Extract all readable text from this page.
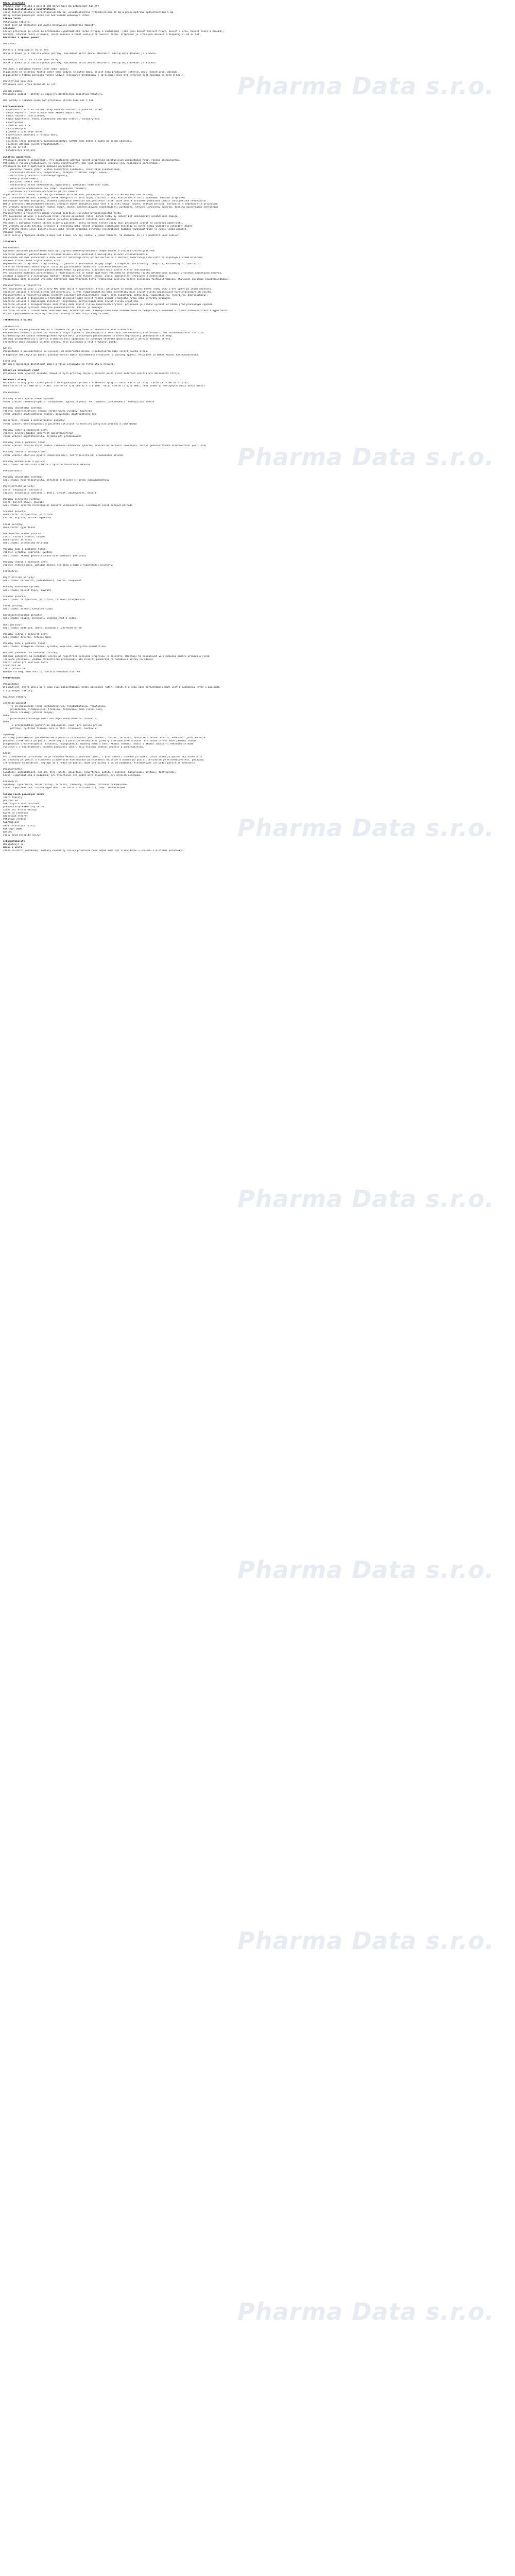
Název přípravku
PARALEN GRIP chřipka a bolest 500 mg/25 mg/5 mg potahované tablety
Složení kvalitativní i kvantitativní
Jedna tableta obsahuje paracetamolum 500 mg, pseudoephedrini hydrochloridum 25 mg a phenylephrini hydrochloridum 5 mg.
Úplný seznam pomocných látek viz bod Seznam pomocných látek.
Léková forma
Potahovaná tableta.
Téměř bílé až nažloutlé podlouhlé bikonvexní potahované tablety.
Indikace
Léčivý přípravek je určen ke krátkodobé symptomatické léčbě chřipky a nachlazení, jako jsou bolest (bolest hlavy, bolest v krku, bolest svalů a kloubů),
horečka, zduření nosní sliznice, nosní sekrece a zánět vedlejších nosních dutin. Přípravek je určen pro dospělé a dospívající od 12 let.
Dávkování a způsob podání

Dávkování

Dospělí a dospívající od 15 let:
Obvyklá dávka je 1 tableta podle potřeby, maximálně 3krát denně. Minimální odstup mezi dávkami je 6 hodin.

Dospívající od 12 do 15 let (nad 40 kg):
Obvyklá dávka je 1 tableta podle potřeby, maximálně 2krát denně. Minimální odstup mezi dávkami je 8 hodin.

Pacienti s poruchou funkce jater nebo ledvin:
U pacientů se sníženou funkcí jater nebo ledvin je nutno dávku snížit nebo prodloužit interval mezi jednotlivými dávkami.
U pacientů s těžkou poruchou funkce ledvin (clearance kreatininu < 10 ml/min) musí být interval mezi dávkami nejméně 8 hodin.

Pediatrická populace
Přípravek není určen dětem do 12 let.

Způsob podání
Perorální podání. Tablety se zapíjejí dostatečným množstvím tekutiny.

Bez porady s lékařem nesmí být přípravek užíván déle než 5 dní.

Kontraindikace
- hypersenzitivita na léčivé látky nebo na kteroukoli pomocnou látku,
- těžká hepatální insuficience nebo akutní hepatitida,
- těžká renální insuficience,
- těžká hypertenze, těžká ischemická choroba srdeční, tachyarytmie,
- hypertyreóza,
- diabetes mellitus,
- feochromocytom,
- glaukom s uzavřeným úhlem,
- hypertrofie prostaty s retencí moči,
- epilepsie,
- současná léčba inhibitory monoaminooxidázy (IMAO) nebo během 2 týdnů po jejím ukončení,
- současné užívání jiných sympatomimetik,
- děti do 12 let,
- těhotenství a kojení.

Zvláštní upozornění
Přípravek obsahuje paracetamol. Při současném užívání jiných přípravků obsahujících paracetamol hrozí riziko předávkování.
Vzhledem k riziku předávkování je nutno zkontrolovat, zda jiné současně užívané léky neobsahují paracetamol.
Přípravek má být s opatrností podáván pacientům s:
- poruchou funkce jater (včetně Gilbertova syndromu), chronickým alkoholismem,
- chronickou malnutricí, dehydratací, těžkými infekcemi (např. sepse),
- deficitem glukóza-6-fosfátdehydrogenázy,
- hemolytickou anémií,
- poruchou funkce ledvin,
- kardiovaskulárním onemocněním, hypertenzí, poruchami srdečního rytmu,
- okluzivním onemocněním cév (např. Raynaudův fenomén),
- astmatem a chronickou obstrukční plicní nemocí.
U pacientů se sníženou hladinou glutathionu může užívání paracetamolu zvýšit riziko metabolické acidózy.
Při dlouhodobém užívání vysokých dávek analgetik se může objevit bolest hlavy, kterou nelze léčit zvýšenými dávkami přípravku.
Dlouhodobé užívání analgetik, zejména kombinace několika analgetických látek, může vést k trvalému poškození ledvin (analgetická nefropatie).
Náhlé přerušení dlouhodobého užívání vysokých dávek analgetik může vést k bolesti hlavy, únavě, svalové bolesti, nervozitě a vegetativním příznakům.
Při výskytu závažných kožních reakcí (např. akutní generalizovaná exantematózní pustulóza, Stevens-Johnsonův syndrom, toxická epidermální nekrolýza)
je nutno léčbu ihned ukončit.
Pseudoefedrin a fenylefrin mohou vyvolat pozitivní výsledek antidopingového testu.
Při současném užívání s alkoholem hrozí riziko poškození jater; během léčby by neměly být konzumovány alkoholické nápoje.
U pacientů se sníženou funkcí ledvin je nutno prodloužit interval mezi dávkami.
Pacienti s poruchou funkce štítné žlázy a pacienti léčení hormony štítné žlázy musí přípravek užívat se zvýšenou opatrností.
Při výskytu bolesti břicha, krvácení z konečníku nebo jiných příznaků ischemické kolitidy je nutno léčbu ukončit a vyhledat lékaře.
Při výskytu náhlé silné bolesti hlavy nebo jiných příznaků syndromu reverzibilní mozkové vazokonstrikce je nutno léčbu ukončit.
Pomocné látky
Tento léčivý přípravek obsahuje méně než 1 mmol (23 mg) sodíku v jedné tabletě, to znamená, že je v podstatě „bez sodíku“.

Interakce

Paracetamol
Rychlost absorpce paracetamolu může být zvýšena metoklopramidem a domperidonem a snížena cholestyraminem.
Současné podávání paracetamolu a chloramfenikolu může prodloužit biologický poločas chloramfenikolu.
Dlouhodobé užívání paracetamolu může zesílit antikoagulační účinek warfarinu a dalších kumarinových derivátů se zvýšeným rizikem krvácení;
občasné užívání nemá signifikantní vliv.
Hepatotoxické látky nebo látky indukující jaterní mikrozomální enzymy (např. rifampicin, barbituráty, fenytoin, karbamazepin, isoniazid,
třezalka tečkovaná) mohou zvýšit toxicitu paracetamolu akumulací toxického metabolitu.
Probenecid snižuje clearance paracetamolu téměř na polovinu; zidovudin může zvýšit riziko neutropenie.
Při současném podávání paracetamolu s flukloxacilinem je nutná opatrnost vzhledem ke zvýšenému riziku metabolické acidózy s vysokou aniontovou mezerou,
zejména u pacientů s rizikovými faktory (těžká porucha funkce ledvin, sepse, malnutrice, chronický alkoholismus).
Paracetamol může ovlivnit výsledky některých laboratorních testů (stanovení kyseliny močové kyselinou fosfowolframovou, stanovení glykémie glukózooxidázou).

Pseudoefedrin a fenylefrin
Při současném užívání s inhibitory MAO může dojít k hypertenzní krizi; přípravek se nesmí užívat během léčby IMAO a dva týdny po jejím ukončení.
Současné užívání s tricyklickými antidepresivy, jinými sympatomimetiky nebo anorektiky může zvýšit riziko nežádoucích kardiovaskulárních účinků.
Pseudoefedrin a fenylefrin mohou snižovat účinnost antihypertenziv (např. beta-blokátorů, methyldopy, guanethidinu, reserpinu, debrisochinu).
Současné užívání s digoxinem a srdečními glykosidy může zvýšit riziko poruch srdečního rytmu nebo infarktu myokardu.
Současné užívání s námelovými alkaloidy (ergotamin, methysergid) může zvýšit riziko ergotismu.
Současné užívání s halogenovanými anestetiky může zvýšit riziko komorových arytmií; přípravek je vhodné vysadit 24 hodin před plánovaným výkonem.
Antacida zvyšují rychlost absorpce pseudoefedrinu; kaolin ji snižuje.
Současné užívání s linezolidem, moklobemidem, bromokriptinem, kabergolinem nebo atomoxetinem se nedoporučuje vzhledem k riziku vazokonstrikce a hypertenze.
Účinek sympatomimetik může být zesílen hormony štítné žlázy a oxytocinem.

Těhotenství a kojení

Těhotenství
Vzhledem k obsahu pseudoefedrinu a fenylefrinu je přípravek v těhotenství kontraindikován.
Paracetamol prochází placentou. Rozsáhlé údaje o použití paracetamolu u těhotných žen nenaznačují malformační ani feto/neonatální toxicitu.
Epidemiologické studie neurologického vývoje dětí vystavených paracetamolu in utero neprokázaly jednoznačné výsledky.
Užívání pseudoefedrinu v prvním trimestru bylo spojováno se zvýšeným výskytem gastroschízy a atrézie tenkého střeva.
Fenylefrin může způsobit snížení průtoku krve placentou a vést k hypoxii plodu.

Kojení
Paracetamol a pseudoefedrin se vylučují do mateřského mléka. Pseudoefedrin může snížit tvorbu mléka.
U kojených dětí byla po podání pseudoefedrinu matce zaznamenána dráždivost a poruchy spánku. Přípravek je během kojení kontraindikován.

Fertilita
Nejsou k dispozici dostatečné údaje o vlivu přípravku na fertilitu u člověka.

Účinky na schopnost řídit
Přípravek může vyvolat závratě. Pokud se tyto příznaky objeví, pacient nesmí řídit motorová vozidla ani obsluhovat stroje.

Nežádoucí účinky
Nežádoucí účinky jsou řazeny podle tříd orgánových systémů a frekvence výskytu: velmi časté (≥ 1/10), časté (≥ 1/100 až < 1/10),
méně časté (≥ 1/1 000 až < 1/100), vzácné (≥ 1/10 000 až < 1/1 000), velmi vzácné (< 1/10 000), není známo (z dostupných údajů nelze určit).

Paracetamol

Poruchy krve a lymfatického systému:
velmi vzácné: trombocytopenie, leukopenie, agranulocytóza, neutropenie, pancytopenie, hemolytická anémie

Poruchy imunitního systému:
vzácné: hypersenzitivní reakce včetně kožní vyrážky, kopřivky
velmi vzácné: anafylaktická reakce, angioedém, anafylaktický šok

Respirační, hrudní a mediastinální poruchy:
velmi vzácné: bronchospasmus u pacientů citlivých na kyselinu acetylsalicylovou a jiná NSAID

Poruchy jater a žlučových cest:
vzácné: zvýšení hladin jaterních aminotransferáz
velmi vzácné: hepatotoxicita, zejména při předávkování

Poruchy kůže a podkožní tkáně:
velmi vzácné: závažné kožní reakce (Stevens-Johnsonův syndrom, toxická epidermální nekrolýza, akutní generalizovaná exantematózní pustulóza)

Poruchy ledvin a močových cest:
velmi vzácné: sterilní pyurie (zakalená moč), nefrotoxicita při dlouhodobém užívání

Poruchy metabolismu a výživy:
není známo: metabolická acidóza s vysokou aniontovou mezerou

Pseudoefedrin

Poruchy imunitního systému:
není známo: hypersenzitivita, zkřížená citlivost s jinými sympatomimetiky

Psychiatrické poruchy:
časté: nespavost, nervozita
vzácné: halucinace (zejména u dětí), úzkost, agitovanost, neklid

Poruchy nervového systému:
časté: bolest hlavy, závratě
není známo: syndrom reverzibilní mozkové vazokonstrikce, ischemická cévní mozková příhoda

Srdeční poruchy:
méně časté: tachykardie, palpitace
vzácné: arytmie, infarkt myokardu

Cévní poruchy:
méně časté: hypertenze

Gastrointestinální poruchy:
časté: sucho v ústech, nauzea
méně časté: zvracení
není známo: ischemická kolitida

Poruchy kůže a podkožní tkáně:
vzácné: vyrážka, kopřivka, svědění
není známo: akutní generalizovaná exantematózní pustulóza

Poruchy ledvin a močových cest:
vzácné: retence moči, obtížné močení (zejména u mužů s hypertrofií prostaty)

Fenylefrin

Psychiatrické poruchy:
není známo: nervozita, podrážděnost, neklid, nespavost

Poruchy nervového systému:
není známo: bolest hlavy, závratě

Srdeční poruchy:
není známo: tachykardie, palpitace, reflexní bradykardie

Cévní poruchy:
není známo: zvýšení krevního tlaku

Gastrointestinální poruchy:
není známo: nauzea, zvracení, snížená chuť k jídlu

Oční poruchy:
není známo: mydriáza, akutní glaukom s uzavřeným úhlem

Poruchy ledvin a močových cest:
není známo: dysurie, retence moči

Poruchy kůže a podkožní tkáně:
není známo: alergické reakce (vyrážka, kopřivka, alergická dermatitida)

Hlášení podezření na nežádoucí účinky
Hlášení podezření na nežádoucí účinky po registraci léčivého přípravku je důležité. Umožňuje to pokračovat ve sledování poměru přínosů a rizik
léčivého přípravku. Žádáme zdravotnické pracovníky, aby hlásili podezření na nežádoucí účinky na adresu:
Státní ústav pro kontrolu léčiv
Šrobárova 48
100 41 Praha 10
Webové stránky: www.sukl.cz/nahlasit-nezadouci-ucinek

Předávkování

Paracetamol
U dospělých, kteří užili 10 g nebo více paracetamolu, hrozí poškození jater. Požití 5 g nebo více paracetamolu může vést k poškození jater u pacientů
s rizikovými faktory:

Rizikové faktory:

Jestliže pacient
- je na dlouhodobé léčbě karbamazepinem, fenobarbitalem, fenytoinem,
primidonem, rifampicinem, třezalkou tečkovanou nebo jinými léky,
které indukují jaterní enzymy,
nebo
- pravidelně konzumuje větší než doporučené množství alkoholu,
nebo
- je pravděpodobně glutathion-deplenován, např. při poruše příjmu
potravy, cystické fibróze, HIV infekci, hladovění, kachexii.

Symptomy
Příznaky předávkování paracetamolem v prvních 24 hodinách jsou bledost, nauzea, zvracení, anorexie a bolest břicha. Poškození jater se může
projevit 12–48 hodin po požití. Může dojít k poruchám metabolismu glukózy a metabolické acidóze. Při těžké otravě může jaterní selhání
progredovat v encefalopatii, krvácení, hypoglykémii, mozkový edém a smrt. Akutní selhání ledvin s akutní tubulární nekrózou se může
vyvinout i v nepřítomnosti těžkého poškození jater. Byly hlášeny srdeční arytmie a pankreatitida.

Léčba
Při předávkování paracetamolem je nezbytná okamžitá lékařská pomoc, i přes absenci časných příznaků. Léčba zahrnuje podání aktivního uhlí
do 1 hodiny po požití a stanovení plazmatické koncentrace paracetamolu nejdříve 4 hodiny po požití. Antidotem je N-acetylcystein, podávaný
intravenózně co nejdříve, nejlépe do 8 hodin od požití; může být účinný i po 24 hodinách. Alternativně lze podat perorálně methionin.

Pseudoefedrin
Symptomy: podrážděnost, neklid, třes, křeče, palpitace, hypertenze, potíže s močením, halucinace, arytmie, tachykardie.
Léčba: symptomatická a podpůrná; při hypertenzi lze podat alfa-blokátory, při křečích diazepam.

Fenylefrin
Symptomy: hypertenze, bolest hlavy, zvracení, záchvaty, arytmie, reflexní bradykardie.
Léčba: symptomatická; těžkou hypertenzi lze léčit alfa-blokátory, např. fentolaminem.

Seznam všech pomocných látek
Jádro tablety:
povidon 30
mikrokrystalická celulosa
předbobtnalý kukuřičný škrob
sodná sůl kroskarmelosy
kyselina stearová
magnesium-stearát
Potahová vrstva:
hypromelosa
oxid titaničitý (E171)
makrogol 6000
mastek
žlutý oxid železitý (E172)

Inkompatibility
Neuplatňuje se.
Návod k užití
Žádné zvláštní požadavky. Veškerý nepoužitý léčivý přípravek nebo odpad musí být zlikvidován v souladu s místními požadavky.
Pharma Data s.r.o.
Pharma Data s.r.o.
Pharma Data s.r.o.
Pharma Data s.r.o.
Pharma Data s.r.o.
Pharma Data s.r.o.
Pharma Data s.r.o.
